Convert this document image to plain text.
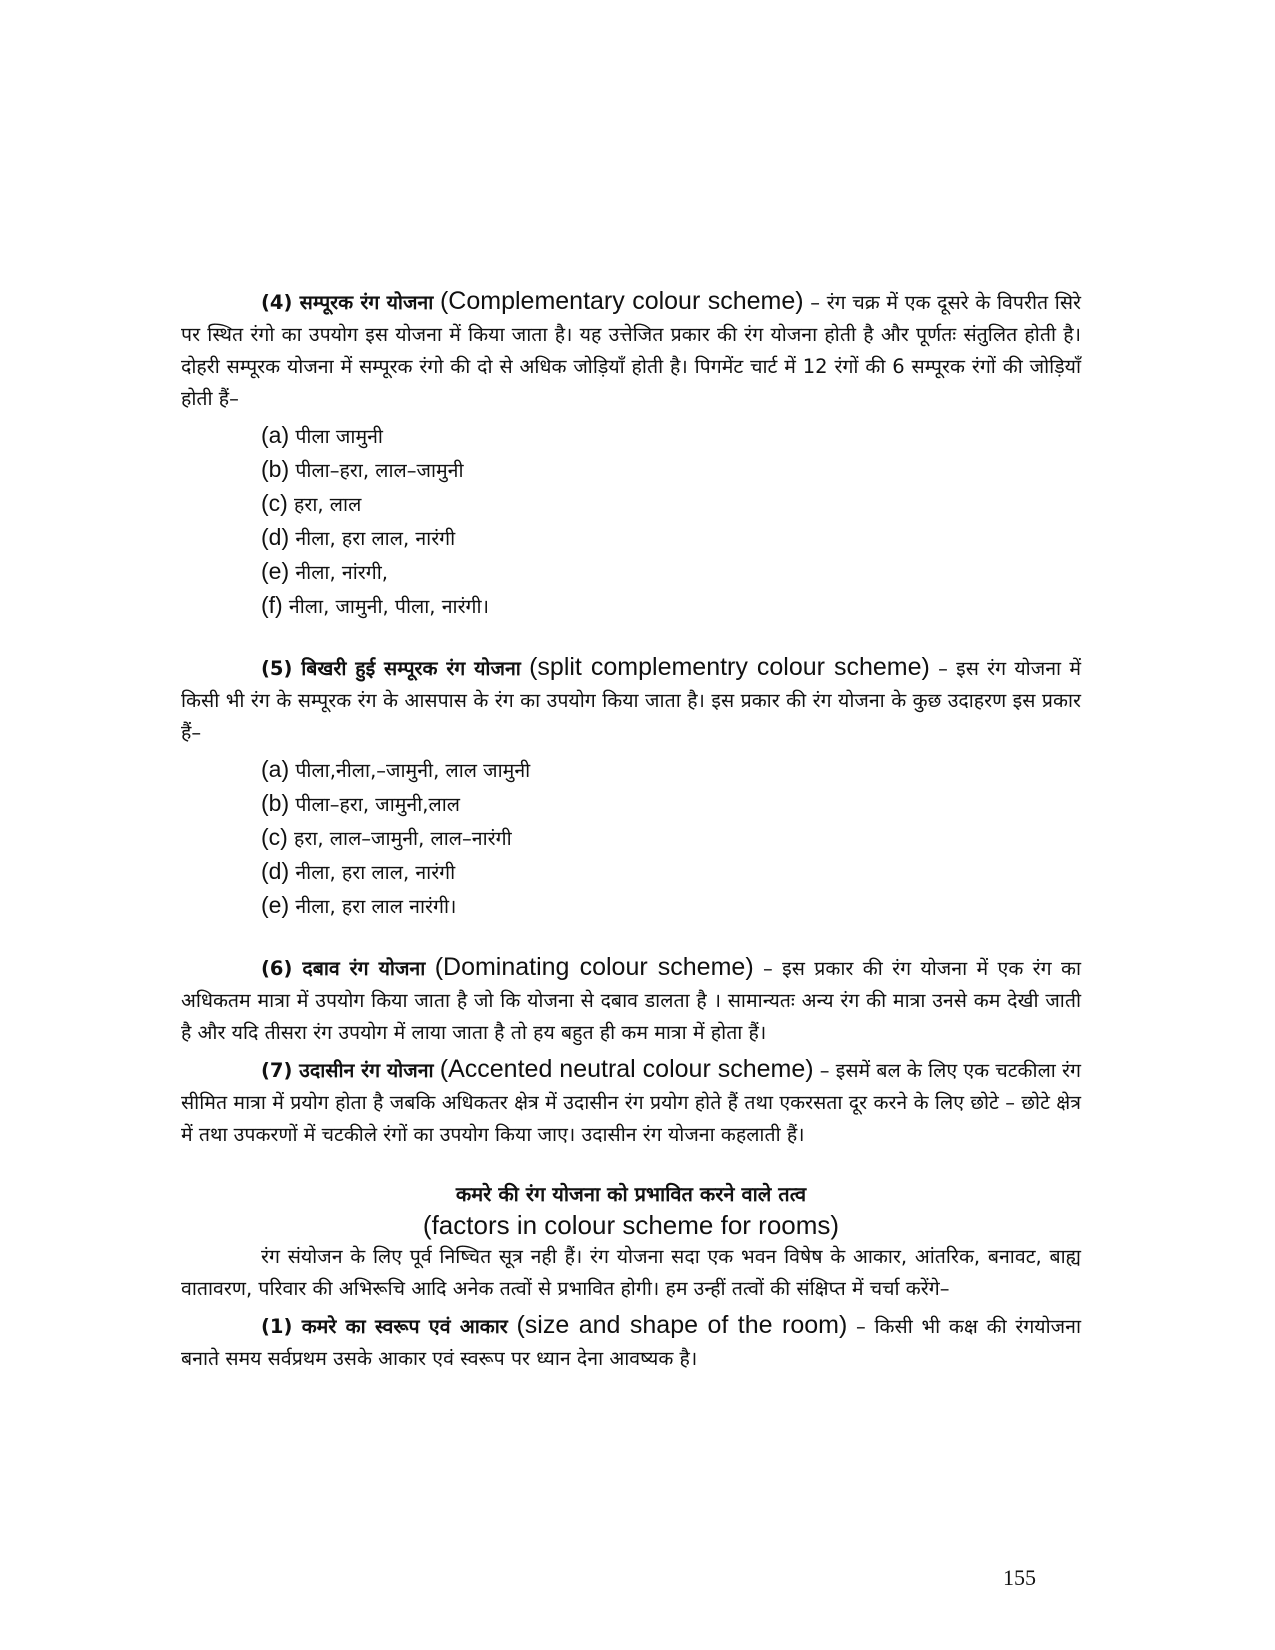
(4) सम्पूरक रंग योजना (Complementary colour scheme) – रंग चक्र में एक दूसरे के विपरीत सिरे पर स्थित रंगो का उपयोग इस योजना में किया जाता है। यह उत्तेजित प्रकार की रंग योजना होती है और पूर्णतः संतुलित होती है। दोहरी सम्पूरक योजना में सम्पूरक रंगो की दो से अधिक जोड़ियाँ होती है। पिगमेंट चार्ट में 12 रंगों की 6 सम्पूरक रंगों की जोड़ियाँ होती हैं–

(a) पीला जामुनी
(b) पीला–हरा, लाल–जामुनी
(c) हरा, लाल
(d) नीला, हरा लाल, नारंगी
(e) नीला, नांरगी,
(f) नीला, जामुनी, पीला, नारंगी।

(5) बिखरी हुई सम्पूरक रंग योजना (split complementry colour scheme) – इस रंग योजना में किसी भी रंग के सम्पूरक रंग के आसपास के रंग का उपयोग किया जाता है। इस प्रकार की रंग योजना के कुछ उदाहरण इस प्रकार हैं–

(a) पीला,नीला,–जामुनी, लाल जामुनी
(b) पीला–हरा, जामुनी,लाल
(c) हरा, लाल–जामुनी, लाल–नारंगी
(d) नीला, हरा लाल, नारंगी
(e) नीला, हरा लाल नारंगी।

(6) दबाव रंग योजना (Dominating colour scheme) – इस प्रकार की रंग योजना में एक रंग का अधिकतम मात्रा में उपयोग किया जाता है जो कि योजना से दबाव डालता है । सामान्यतः अन्य रंग की मात्रा उनसे कम देखी जाती है और यदि तीसरा रंग उपयोग में लाया जाता है तो हय बहुत ही कम मात्रा में होता हैं।

(7) उदासीन रंग योजना (Accented neutral colour scheme) – इसमें बल के लिए एक चटकीला रंग सीमित मात्रा में प्रयोग होता है जबकि अधिकतर क्षेत्र में उदासीन रंग प्रयोग होते हैं तथा एकरसता दूर करने के लिए छोटे – छोटे क्षेत्र में तथा उपकरणों में चटकीले रंगों का उपयोग किया जाए। उदासीन रंग योजना कहलाती हैं।

कमरे की रंग योजना को प्रभावित करने वाले तत्व
(factors in colour scheme for rooms)

रंग संयोजन के लिए पूर्व निष्चित सूत्र नही हैं। रंग योजना सदा एक भवन विषेष के आकार, आंतरिक, बनावट, बाह्य वातावरण, परिवार की अभिरूचि आदि अनेक तत्वों से प्रभावित होगी। हम उन्हीं तत्वों की संक्षिप्त में चर्चा करेंगे–

(1) कमरे का स्वरूप एवं आकार (size and shape of the room) – किसी भी कक्ष की रंगयोजना बनाते समय सर्वप्रथम उसके आकार एवं स्वरूप पर ध्यान देना आवष्यक है।

155
